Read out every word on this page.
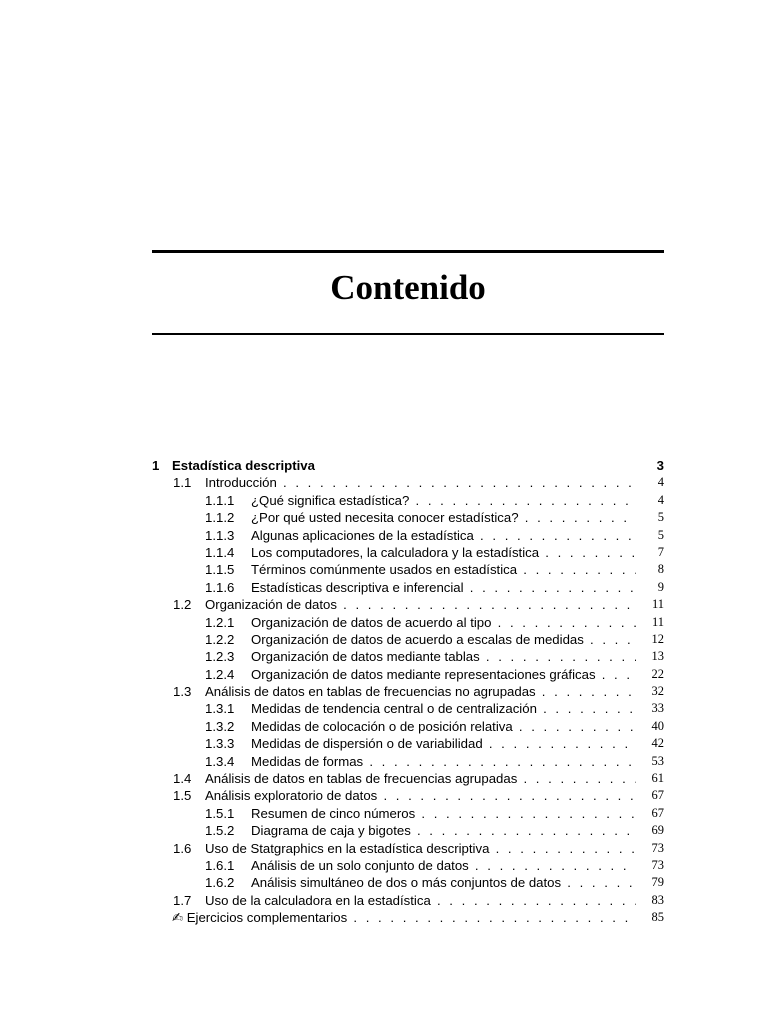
Contenido
1 Estadística descriptiva	3
1.1 Introducción . . .	4
1.1.1 ¿Qué significa estadística? . . .	4
1.1.2 ¿Por qué usted necesita conocer estadística? . . .	5
1.1.3 Algunas aplicaciones de la estadística . . .	5
1.1.4 Los computadores, la calculadora y la estadística . . .	7
1.1.5 Términos comúnmente usados en estadística . . .	8
1.1.6 Estadísticas descriptiva e inferencial . . .	9
1.2 Organización de datos . . .	11
1.2.1 Organización de datos de acuerdo al tipo . . .	11
1.2.2 Organización de datos de acuerdo a escalas de medidas . . .	12
1.2.3 Organización de datos mediante tablas . . .	13
1.2.4 Organización de datos mediante representaciones gráficas . . .	22
1.3 Análisis de datos en tablas de frecuencias no agrupadas . . .	32
1.3.1 Medidas de tendencia central o de centralización . . .	33
1.3.2 Medidas de colocación o de posición relativa . . .	40
1.3.3 Medidas de dispersión o de variabilidad . . .	42
1.3.4 Medidas de formas . . .	53
1.4 Análisis de datos en tablas de frecuencias agrupadas . . .	61
1.5 Análisis exploratorio de datos . . .	67
1.5.1 Resumen de cinco números . . .	67
1.5.2 Diagrama de caja y bigotes . . .	69
1.6 Uso de Statgraphics en la estadística descriptiva . . .	73
1.6.1 Análisis de un solo conjunto de datos . . .	73
1.6.2 Análisis simultáneo de dos o más conjuntos de datos . . .	79
1.7 Uso de la calculadora en la estadística . . .	83
✍ Ejercicios complementarios . . .	85
